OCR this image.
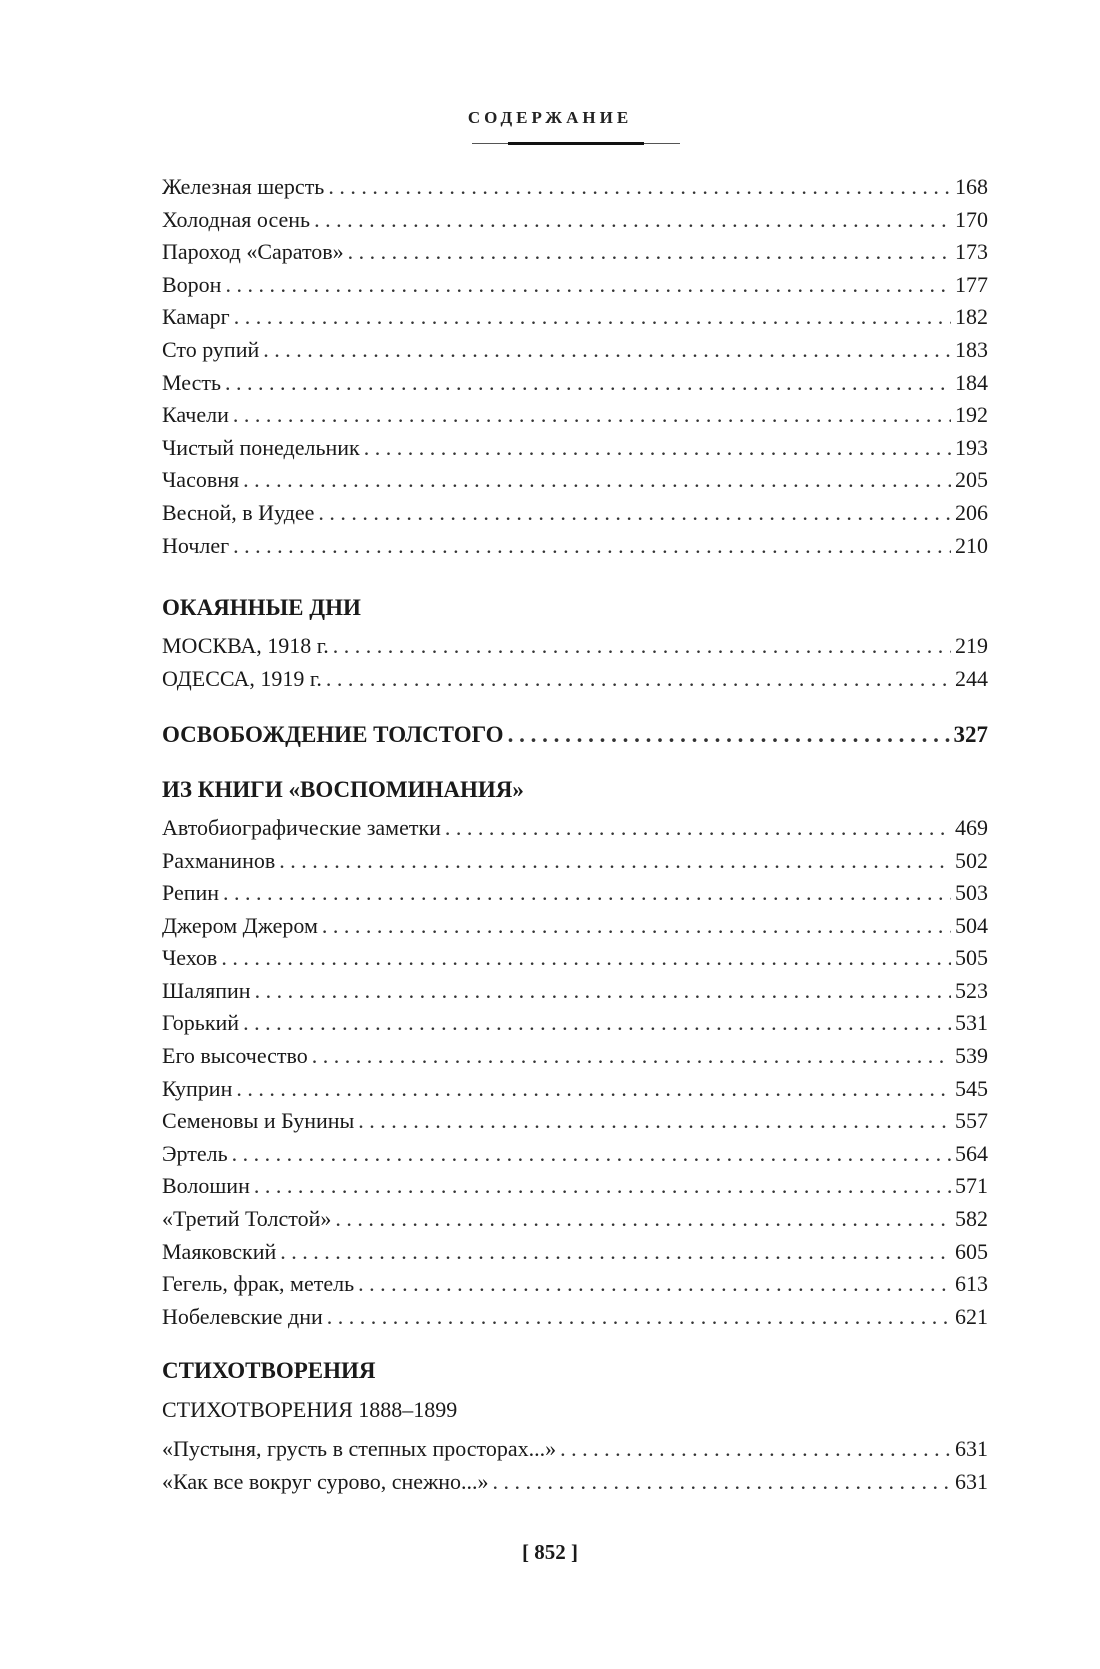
СОДЕРЖАНИЕ
Железная шерсть . . .	168
Холодная осень . . .	170
Пароход «Саратов» . . .	173
Ворон . . .	177
Камарг . . .	182
Сто рупий . . .	183
Месть . . .	184
Качели . . .	192
Чистый понедельник . . .	193
Часовня . . .	205
Весной, в Иудее . . .	206
Ночлег . . .	210
ОКАЯННЫЕ ДНИ
МОСКВА, 1918 г. . . .	219
ОДЕССА, 1919 г. . . .	244
ОСВОБОЖДЕНИЕ ТОЛСТОГО . . .	327
ИЗ КНИГИ «ВОСПОМИНАНИЯ»
Автобиографические заметки . . .	469
Рахманинов . . .	502
Репин . . .	503
Джером Джером . . .	504
Чехов . . .	505
Шаляпин . . .	523
Горький . . .	531
Его высочество . . .	539
Куприн . . .	545
Семеновы и Бунины . . .	557
Эртель . . .	564
Волошин . . .	571
«Третий Толстой» . . .	582
Маяковский . . .	605
Гегель, фрак, метель . . .	613
Нобелевские дни . . .	621
СТИХОТВОРЕНИЯ
СТИХОТВОРЕНИЯ 1888–1899
«Пустыня, грусть в степных просторах...» . . .	631
«Как все вокруг сурово, снежно...» . . .	631
[ 852 ]
